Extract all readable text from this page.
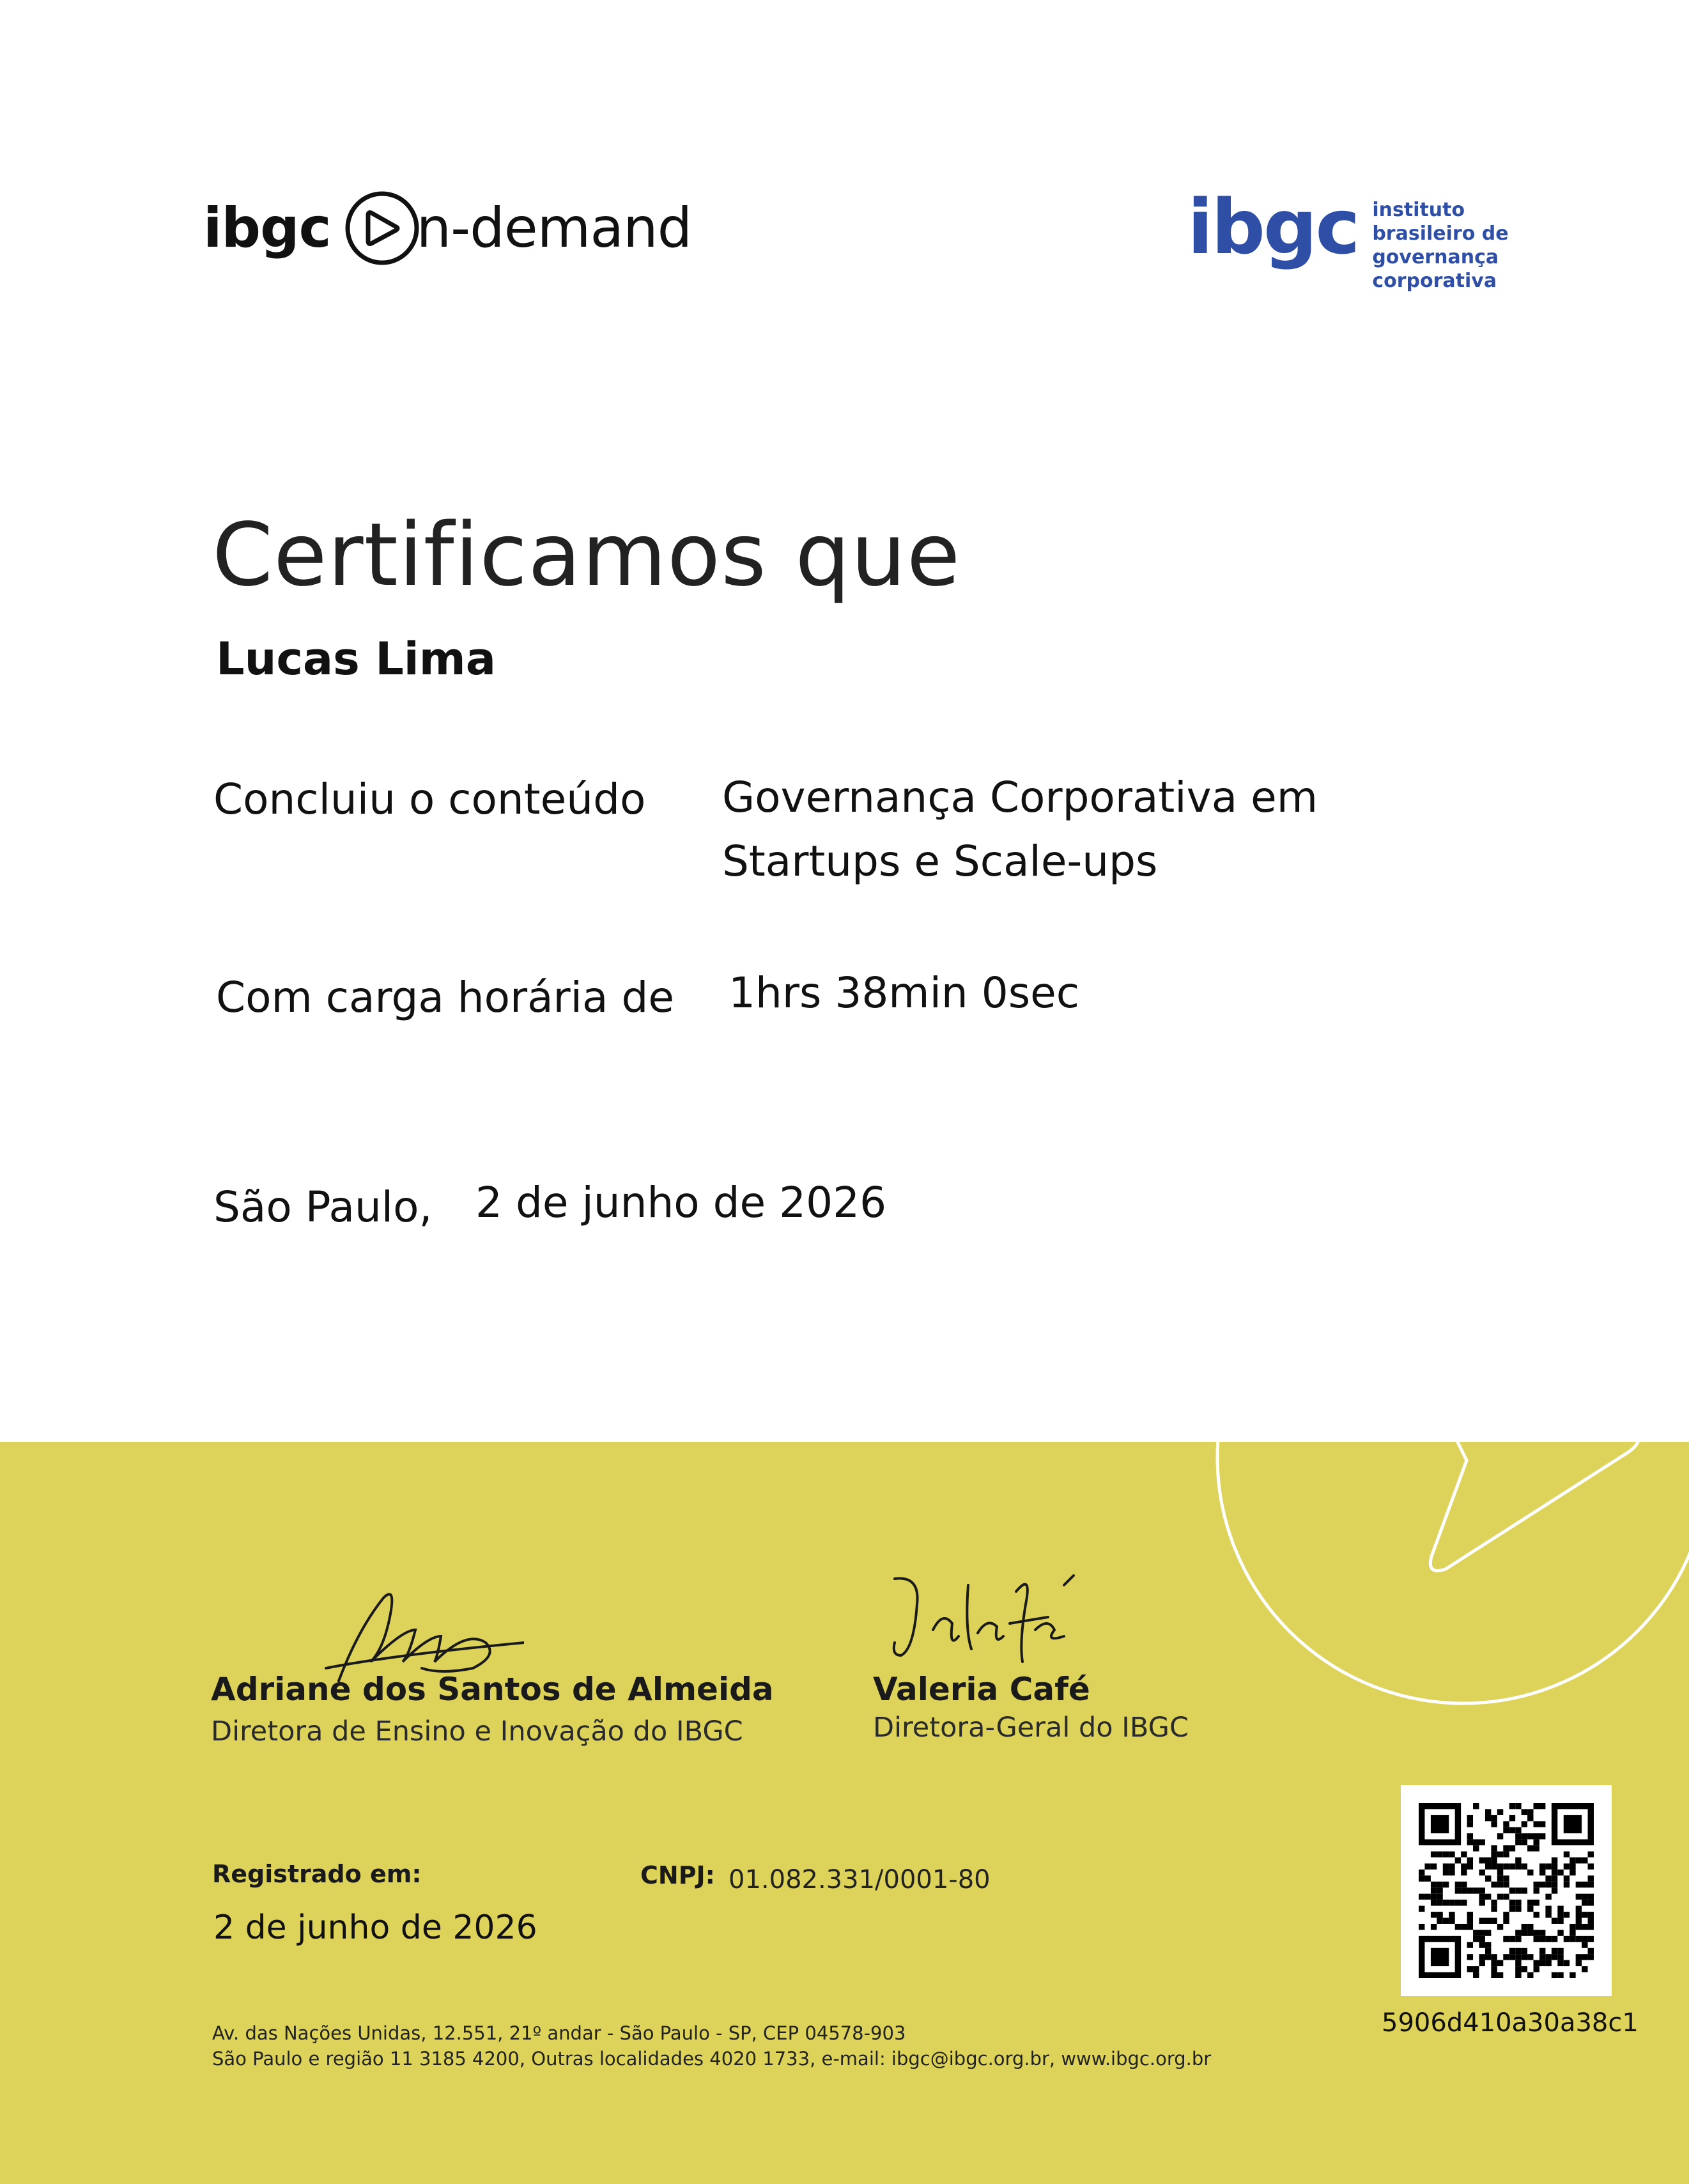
ibgc n-demand	ibgc instituto
brasileiro de
governança
corporativa
Certificamos que
Lucas Lima
Concluiu o conteúdo Governança Corporativa em
Startups e Scale-ups
Com carga horária de 1hrs 38min 0sec
São Paulo, 2 de junho de 2026
Adriane dos Santos de Almeida
Diretora de Ensino e Inovação do IBGC
Valeria Café
Diretora-Geral do IBGC
Registrado em:
2 de junho de 2026
CNPJ: 01.082.331/0001-80
5906d410a30a38c1
Av. das Nações Unidas, 12.551, 21º andar - São Paulo - SP, CEP 04578-903
São Paulo e região 11 3185 4200, Outras localidades 4020 1733, e-mail: ibgc@ibgc.org.br, www.ibgc.org.br
